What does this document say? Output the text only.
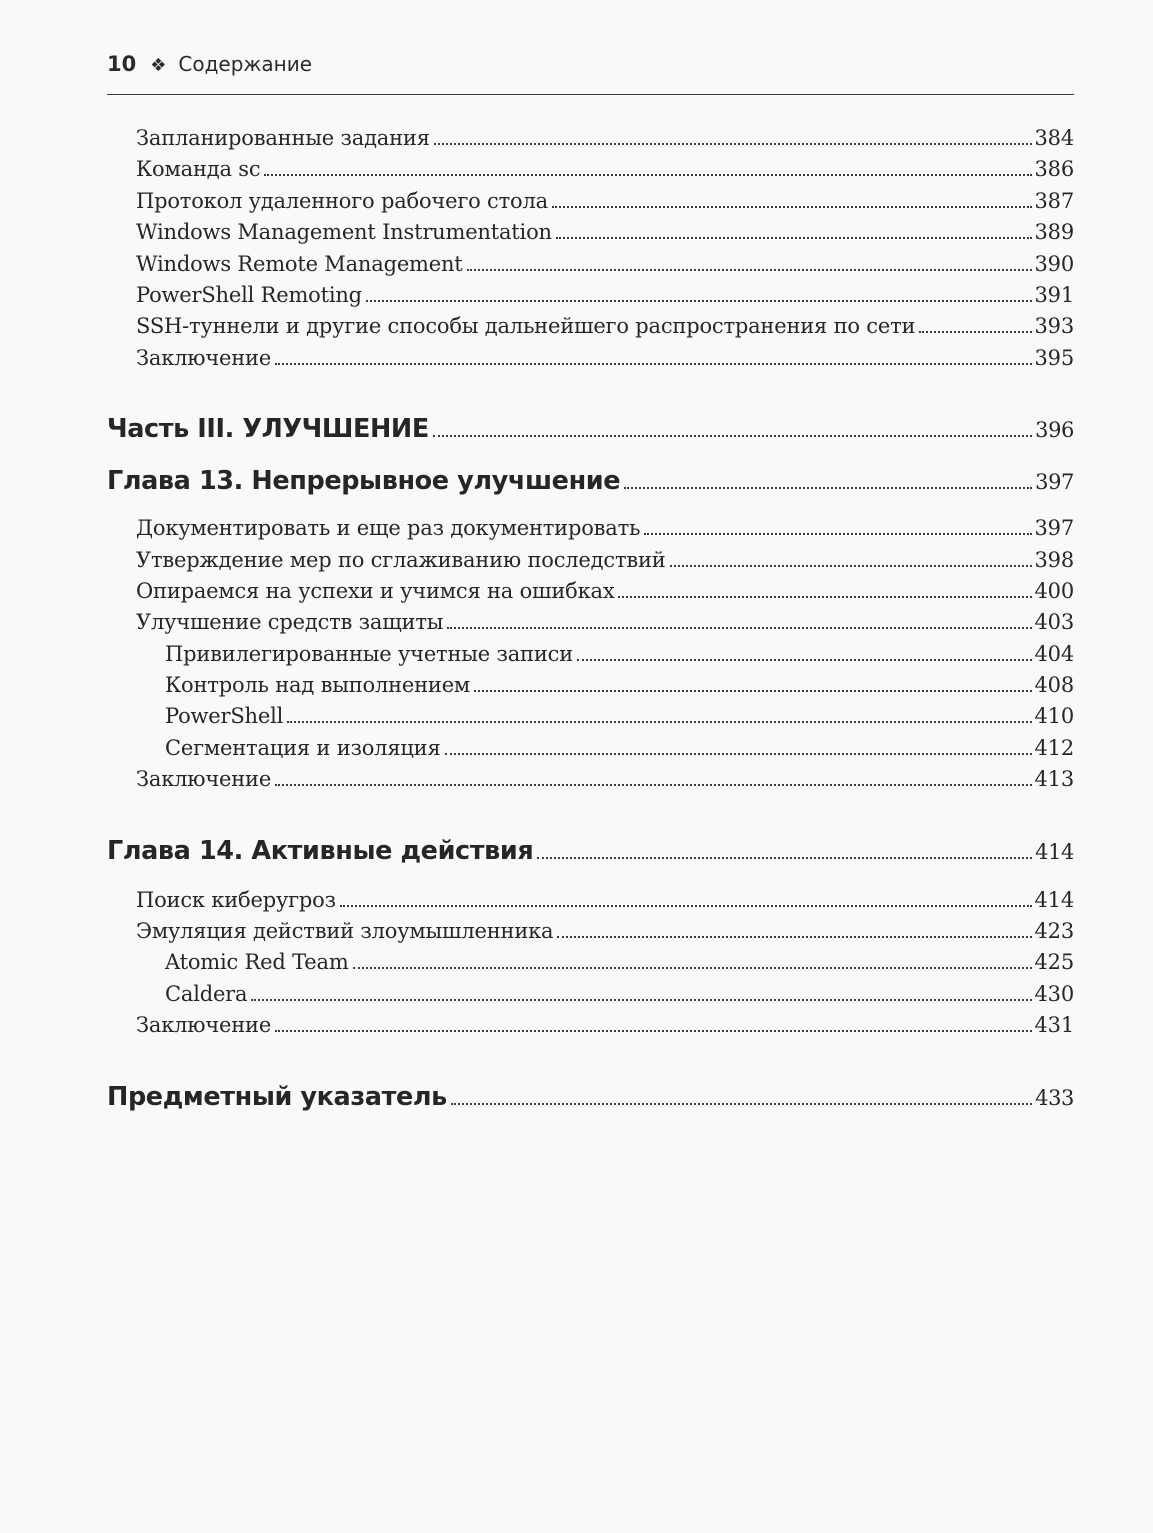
10 ❖ Содержание
Запланированные задания	384
Команда sc	386
Протокол удаленного рабочего стола	387
Windows Management Instrumentation	389
Windows Remote Management	390
PowerShell Remoting	391
SSH-туннели и другие способы дальнейшего распространения по сети	393
Заключение	395
Часть III. УЛУЧШЕНИЕ	396
Глава 13. Непрерывное улучшение	397
Документировать и еще раз документировать	397
Утверждение мер по сглаживанию последствий	398
Опираемся на успехи и учимся на ошибках	400
Улучшение средств защиты	403
Привилегированные учетные записи	404
Контроль над выполнением	408
PowerShell	410
Сегментация и изоляция	412
Заключение	413
Глава 14. Активные действия	414
Поиск киберугроз	414
Эмуляция действий злоумышленника	423
Atomic Red Team	425
Caldera	430
Заключение	431
Предметный указатель	433
